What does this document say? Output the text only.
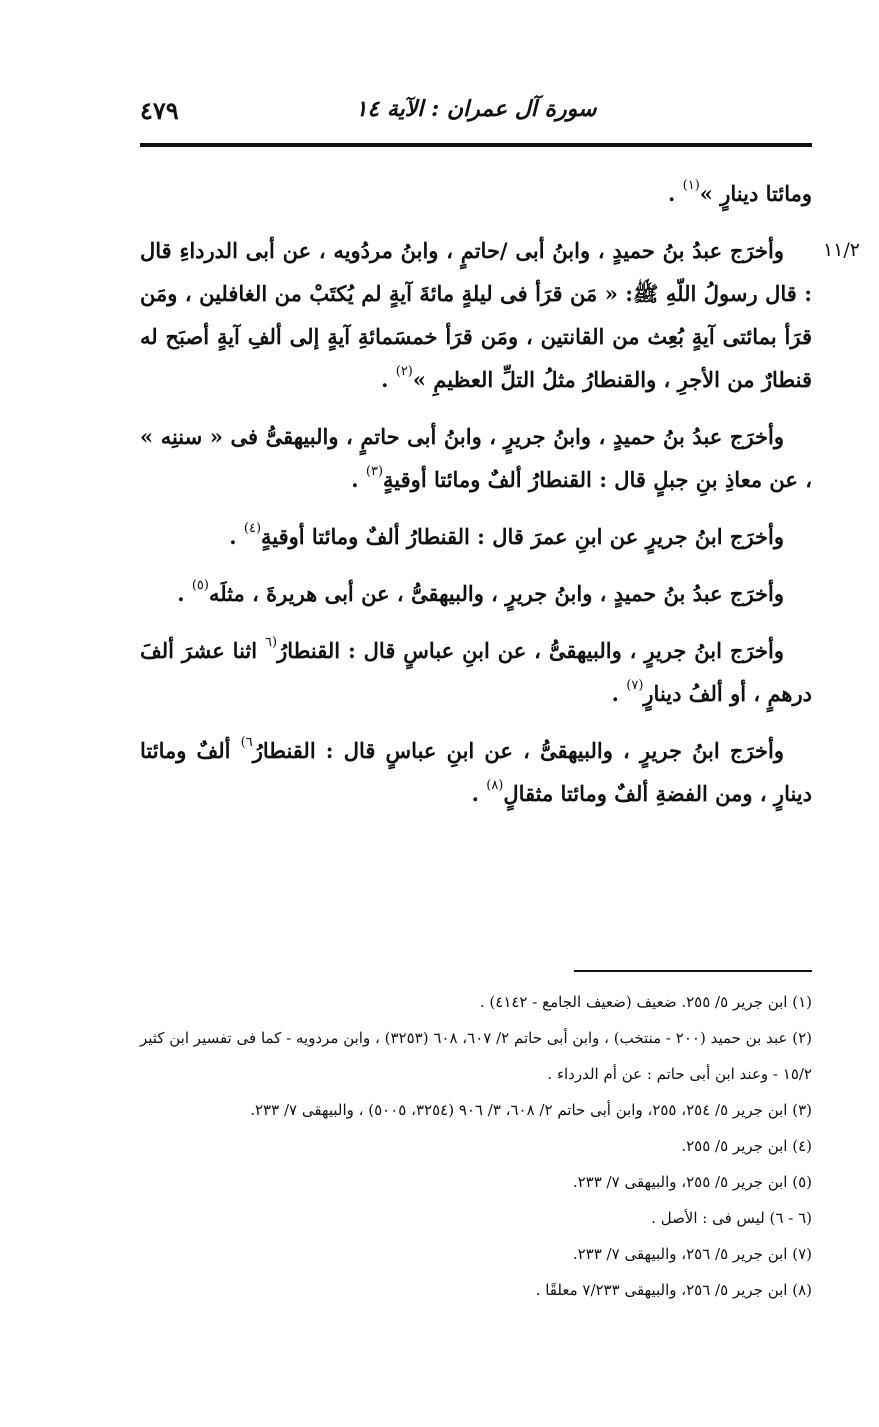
٤٧٩	سورة آل عمران : الآية ١٤

ومائتا دينارٍ »$^{(١)}$ .

١١/٢
وأخرَج عبدُ بنُ حميدٍ ، وابنُ أبى /حاتمٍ ، وابنُ مردُويه ، عن أبى الدرداءِ قال : قال رسولُ اللّهِ ﷺ: « مَن قرَأ فى ليلةٍ مائةَ آيةٍ لم يُكتَبْ من الغافلين ، ومَن قرَأ بمائتى آيةٍ بُعِث من القانتين ، ومَن قرَأ خمسَمائةِ آيةٍ إلى ألفِ آيةٍ أصبَح له قنطارٌ من الأجرِ ، والقنطارُ مثلُ التلِّ العظيمِ »$^{(٢)}$ .

وأخرَج عبدُ بنُ حميدٍ ، وابنُ جريرٍ ، وابنُ أبى حاتمٍ ، والبيهقىُّ فى « سننِه » ، عن معاذِ بنِ جبلٍ قال : القنطارُ ألفٌ ومائتا أوقيةٍ$^{(٣)}$ .

وأخرَج ابنُ جريرٍ عن ابنِ عمرَ قال : القنطارُ ألفٌ ومائتا أوقيةٍ$^{(٤)}$ .

وأخرَج عبدُ بنُ حميدٍ ، وابنُ جريرٍ ، والبيهقىُّ ، عن أبى هريرةَ ، مثلَه$^{(٥)}$ .

وأخرَج ابنُ جريرٍ ، والبيهقىُّ ، عن ابنِ عباسٍ قال : القنطارُ$^{(٦}$ اثنا عشرَ ألفَ درهمٍ ، أو ألفُ دينارٍ$^{(٧)}$ .

وأخرَج ابنُ جريرٍ ، والبيهقىُّ ، عن ابنِ عباسٍ قال : القنطارُ$^{٦)}$ ألفٌ ومائتا دينارٍ ، ومن الفضةِ ألفٌ ومائتا مثقالٍ$^{(٨)}$ .

(١) ابن جرير ٥/ ٢٥٥. ضعيف (ضعيف الجامع - ٤١٤٢) .

(٢) عبد بن حميد (٢٠٠ - منتخب) ، وابن أبى حاتم ٢/ ٦٠٧، ٦٠٨ (٣٢٥٣) ، وابن مردويه - كما فى تفسير ابن كثير ١٥/٢ - وعند ابن أبى حاتم : عن أم الدرداء .

(٣) ابن جرير ٥/ ٢٥٤، ٢٥٥، وابن أبى حاتم ٢/ ٦٠٨، ٣/ ٩٠٦ (٣٢٥٤، ٥٠٠٥) ، والبيهقى ٧/ ٢٣٣.

(٤) ابن جرير ٥/ ٢٥٥.

(٥) ابن جرير ٥/ ٢٥٥، والبيهقى ٧/ ٢٣٣.

(٦ - ٦) ليس فى : الأصل .

(٧) ابن جرير ٥/ ٢٥٦، والبيهقى ٧/ ٢٣٣.

(٨) ابن جرير ٥/ ٢٥٦، والبيهقى ٧/٢٣٣ معلقًا .
